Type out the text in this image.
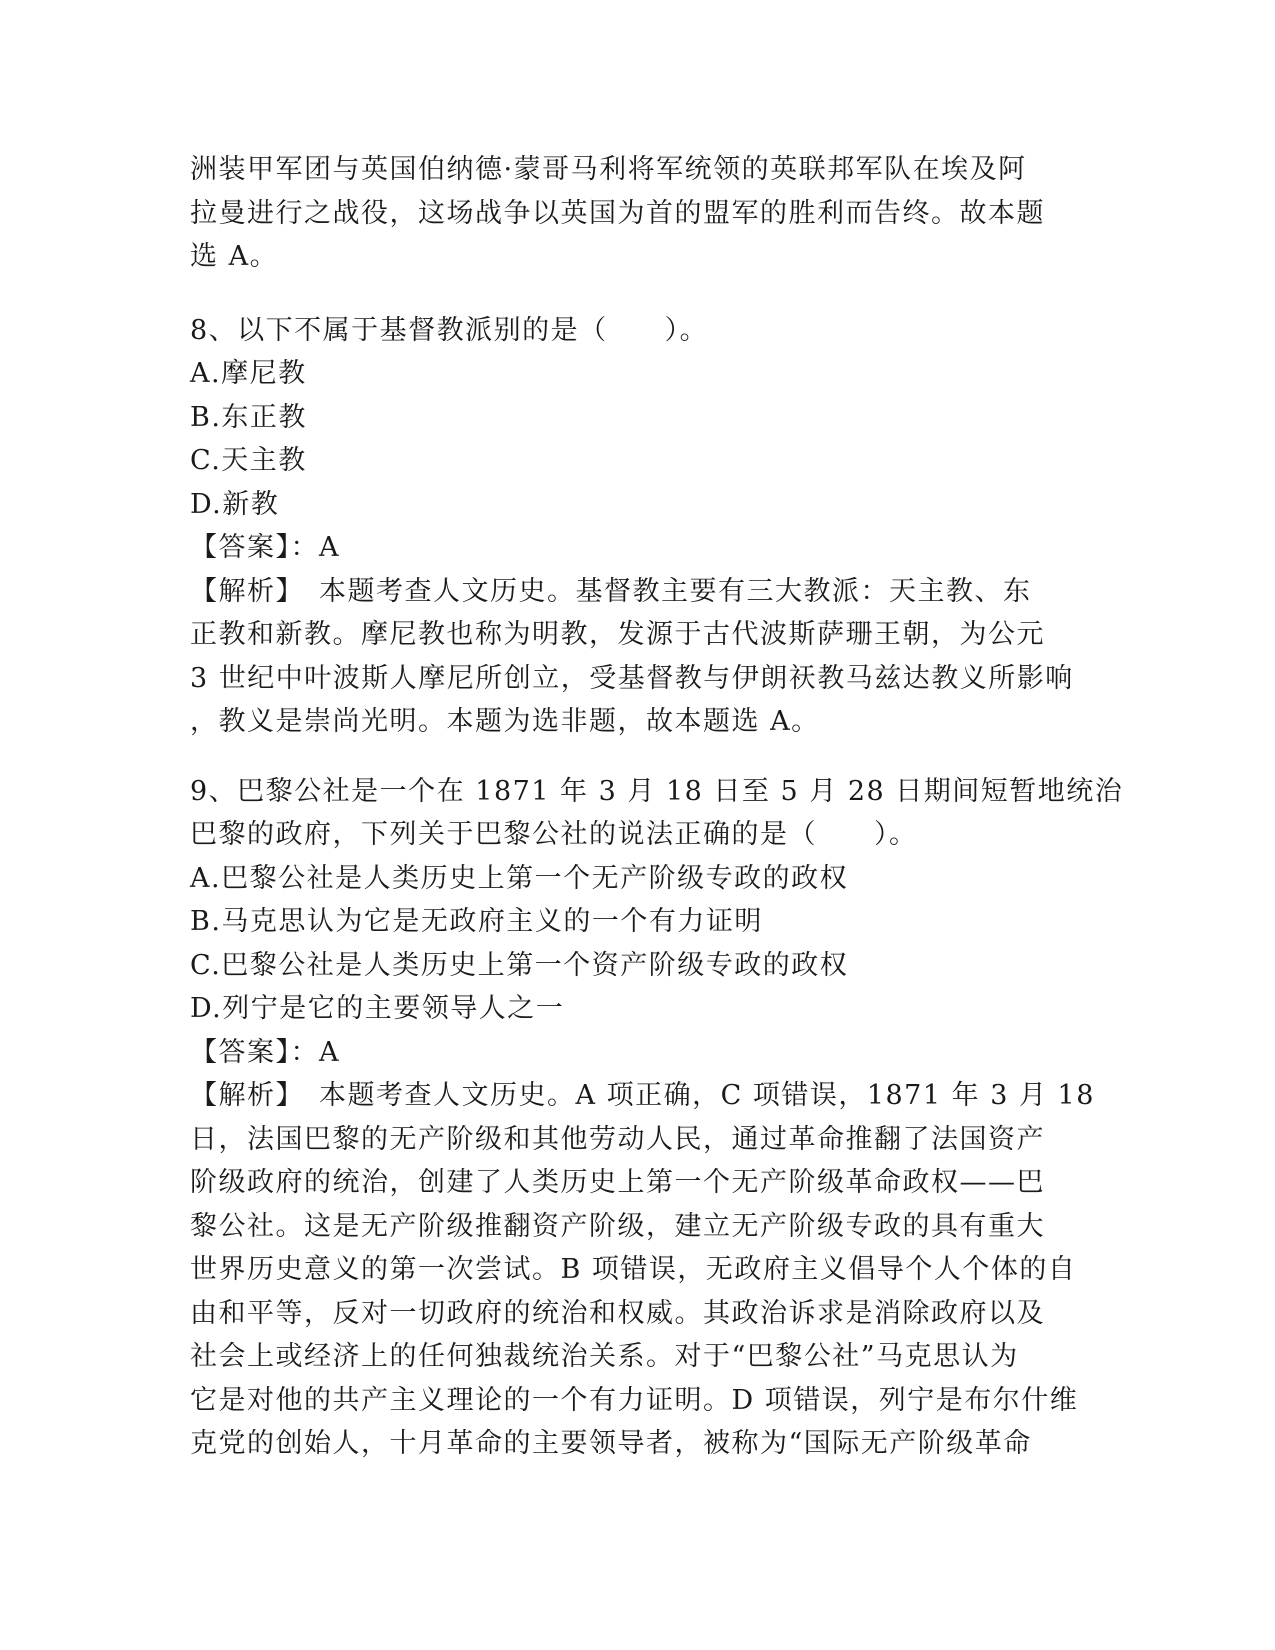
洲装甲军团与英国伯纳德·蒙哥马利将军统领的英联邦军队在埃及阿
拉曼进行之战役，这场战争以英国为首的盟军的胜利而告终。故本题
选 A。
8、以下不属于基督教派别的是（　　）。
A.摩尼教
B.东正教
C.天主教
D.新教
【答案】：A
【解析】　本题考查人文历史。基督教主要有三大教派：天主教、东
正教和新教。摩尼教也称为明教，发源于古代波斯萨珊王朝，为公元
3 世纪中叶波斯人摩尼所创立，受基督教与伊朗祆教马兹达教义所影响
，教义是崇尚光明。本题为选非题，故本题选 A。
9、巴黎公社是一个在 1871 年 3 月 18 日至 5 月 28 日期间短暂地统治
巴黎的政府，下列关于巴黎公社的说法正确的是（　　）。
A.巴黎公社是人类历史上第一个无产阶级专政的政权
B.马克思认为它是无政府主义的一个有力证明
C.巴黎公社是人类历史上第一个资产阶级专政的政权
D.列宁是它的主要领导人之一
【答案】：A
【解析】　本题考查人文历史。A 项正确，C 项错误，1871 年 3 月 18
日，法国巴黎的无产阶级和其他劳动人民，通过革命推翻了法国资产
阶级政府的统治，创建了人类历史上第一个无产阶级革命政权——巴
黎公社。这是无产阶级推翻资产阶级，建立无产阶级专政的具有重大
世界历史意义的第一次尝试。B 项错误，无政府主义倡导个人个体的自
由和平等，反对一切政府的统治和权威。其政治诉求是消除政府以及
社会上或经济上的任何独裁统治关系。对于“巴黎公社”马克思认为
它是对他的共产主义理论的一个有力证明。D 项错误，列宁是布尔什维
克党的创始人，十月革命的主要领导者，被称为“国际无产阶级革命
